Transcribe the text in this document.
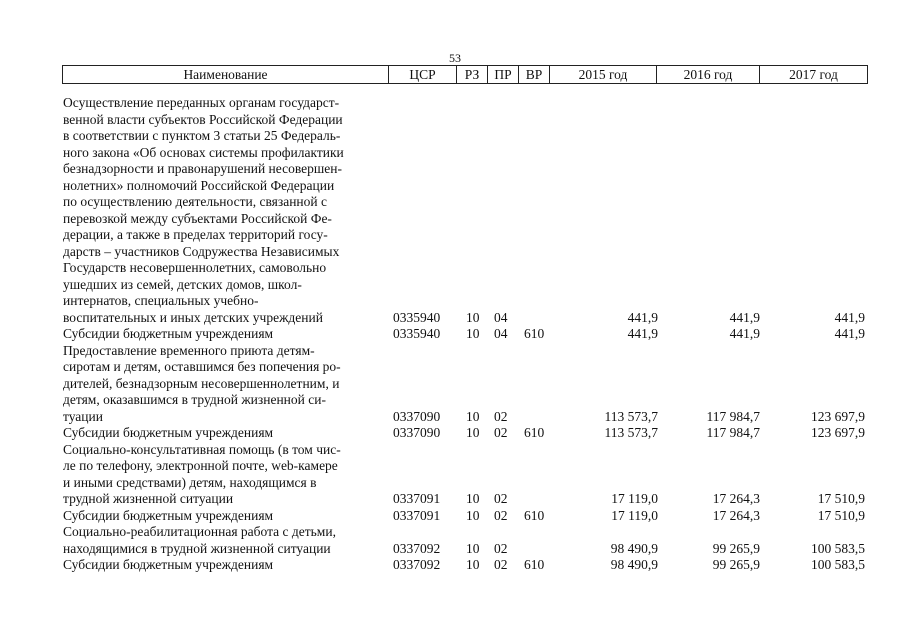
53
Наименование	ЦСР	РЗ	ПР	ВР	2015 год	2016 год	2017 год
Осуществление переданных органам государст-
венной власти субъектов Российской Федерации
в соответствии с пунктом 3 статьи 25 Федераль-
ного закона «Об основах системы профилактики
безнадзорности и правонарушений несовершен-
нолетних» полномочий Российской Федерации
по осуществлению деятельности, связанной с
перевозкой между субъектами Российской Фе-
дерации, а также в пределах территорий госу-
дарств – участников Содружества Независимых
Государств несовершеннолетних, самовольно
ушедших из семей, детских домов, школ-
интернатов, специальных учебно-
воспитательных и иных детских учреждений	0335940 10 04	441,9	441,9	441,9
Субсидии бюджетным учреждениям	0335940 10 04 610	441,9	441,9	441,9
Предоставление временного приюта детям-
сиротам и детям, оставшимся без попечения ро-
дителей, безнадзорным несовершеннолетним, и
детям, оказавшимся в трудной жизненной си-
туации	0337090 10 02	113 573,7	117 984,7	123 697,9
Субсидии бюджетным учреждениям	0337090 10 02 610	113 573,7	117 984,7	123 697,9
Социально-консультативная помощь (в том чис-
ле по телефону, электронной почте, web-камере
и иными средствами) детям, находящимся в
трудной жизненной ситуации	0337091 10 02	17 119,0	17 264,3	17 510,9
Субсидии бюджетным учреждениям	0337091 10 02 610	17 119,0	17 264,3	17 510,9
Социально-реабилитационная работа с детьми,
находящимися в трудной жизненной ситуации	0337092 10 02	98 490,9	99 265,9	100 583,5
Субсидии бюджетным учреждениям	0337092 10 02 610	98 490,9	99 265,9	100 583,5
